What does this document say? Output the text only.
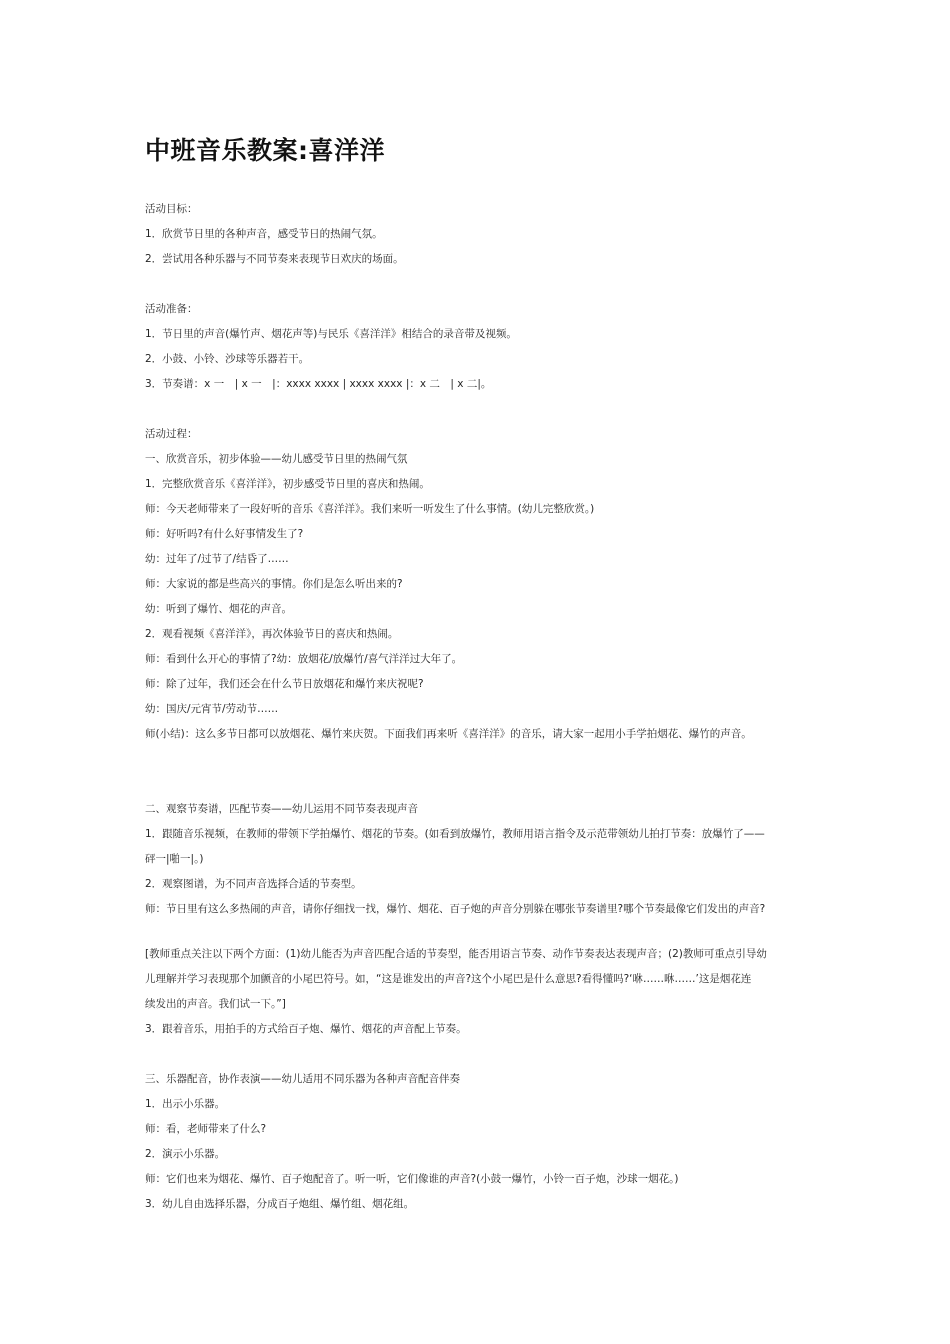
中班音乐教案:喜洋洋

活动目标：

1．欣赏节日里的各种声音，感受节日的热闹气氛。

2．尝试用各种乐器与不同节奏来表现节日欢庆的场面。

活动准备：

1．节日里的声音(爆竹声、烟花声等)与民乐《喜洋洋》相结合的录音带及视频。

2．小鼓、小铃、沙球等乐器若干。

3．节奏谱：x 一　| x 一　|：xxxx xxxx | xxxx xxxx |：x 二　| x 二|。

活动过程：

一、欣赏音乐，初步体验——幼儿感受节日里的热闹气氛

1．完整欣赏音乐《喜洋洋》，初步感受节日里的喜庆和热闹。

师：今天老师带来了一段好听的音乐《喜洋洋》。我们来听一听发生了什么事情。(幼儿完整欣赏。)

师：好听吗?有什么好事情发生了?

幼：过年了/过节了/结昏了……

师：大家说的都是些高兴的事情。你们是怎么听出来的?

幼：听到了爆竹、烟花的声音。

2．观看视频《喜洋洋》，再次体验节日的喜庆和热闹。

师：看到什么开心的事情了?幼：放烟花/放爆竹/喜气洋洋过大年了。

师：除了过年，我们还会在什么节日放烟花和爆竹来庆祝呢?

幼：国庆/元宵节/劳动节……

师(小结)：这么多节日都可以放烟花、爆竹来庆贺。下面我们再来听《喜洋洋》的音乐，请大家一起用小手学拍烟花、爆竹的声音。

二、观察节奏谱，匹配节奏——幼儿运用不同节奏表现声音

1．跟随音乐视频，在教师的带领下学拍爆竹、烟花的节奏。(如看到放爆竹，教师用语言指令及示范带领幼儿拍打节奏：放爆竹了——

砰一|啪一|。)

2．观察图谱，为不同声音选择合适的节奏型。

师：节日里有这么多热闹的声音，请你仔细找一找，爆竹、烟花、百子炮的声音分别躲在哪张节奏谱里?哪个节奏最像它们发出的声音?

[教师重点关注以下两个方面：(1)幼儿能否为声音匹配合适的节奏型，能否用语言节奏、动作节奏表达表现声音；(2)教师可重点引导幼

儿理解并学习表现那个加颤音的小尾巴符号。如，“这是谁发出的声音?这个小尾巴是什么意思?看得懂吗?‘咻……咻……’这是烟花连

续发出的声音。我们试一下。”]

3．跟着音乐，用拍手的方式给百子炮、爆竹、烟花的声音配上节奏。

三、乐器配音，协作表演——幼儿适用不同乐器为各种声音配音伴奏

1．出示小乐器。

师：看，老师带来了什么?

2．演示小乐器。

师：它们也来为烟花、爆竹、百子炮配音了。听一听，它们像谁的声音?(小鼓一爆竹，小铃一百子炮，沙球一烟花。)

3．幼儿自由选择乐器，分成百子炮组、爆竹组、烟花组。
